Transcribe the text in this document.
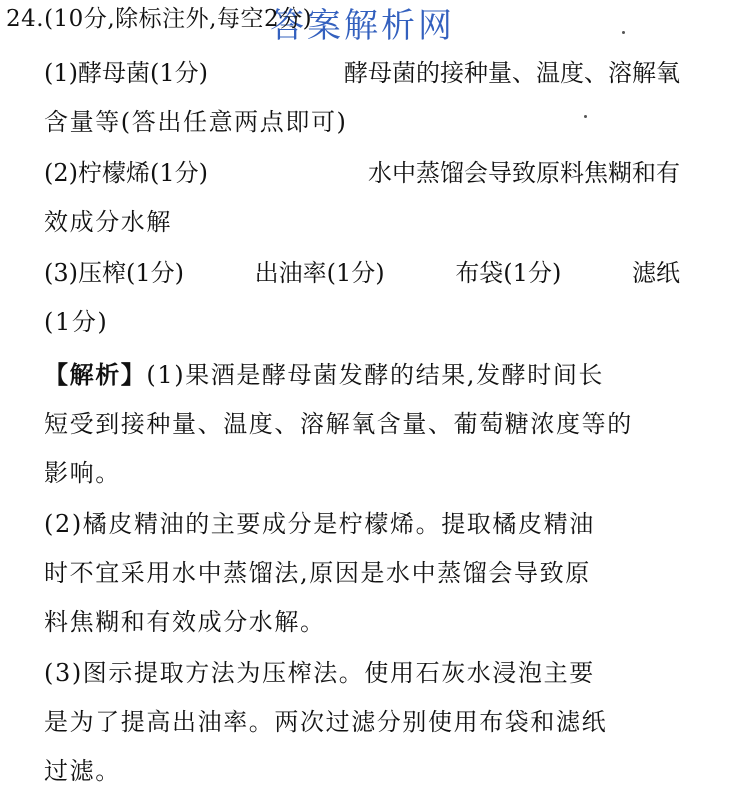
答案解析网
24.(10分,除标注外,每空2分)
(1)酵母菌(1分)	酵母菌的接种量、温度、溶解氧
含量等(答出任意两点即可)
(2)柠檬烯(1分)	水中蒸馏会导致原料焦糊和有
效成分水解
(3)压榨(1分)	出油率(1分)	布袋(1分)	滤纸
(1分)
【解析】(1)果酒是酵母菌发酵的结果,发酵时间长
短受到接种量、温度、溶解氧含量、葡萄糖浓度等的
影响。
(2)橘皮精油的主要成分是柠檬烯。提取橘皮精油
时不宜采用水中蒸馏法,原因是水中蒸馏会导致原
料焦糊和有效成分水解。
(3)图示提取方法为压榨法。使用石灰水浸泡主要
是为了提高出油率。两次过滤分别使用布袋和滤纸
过滤。
